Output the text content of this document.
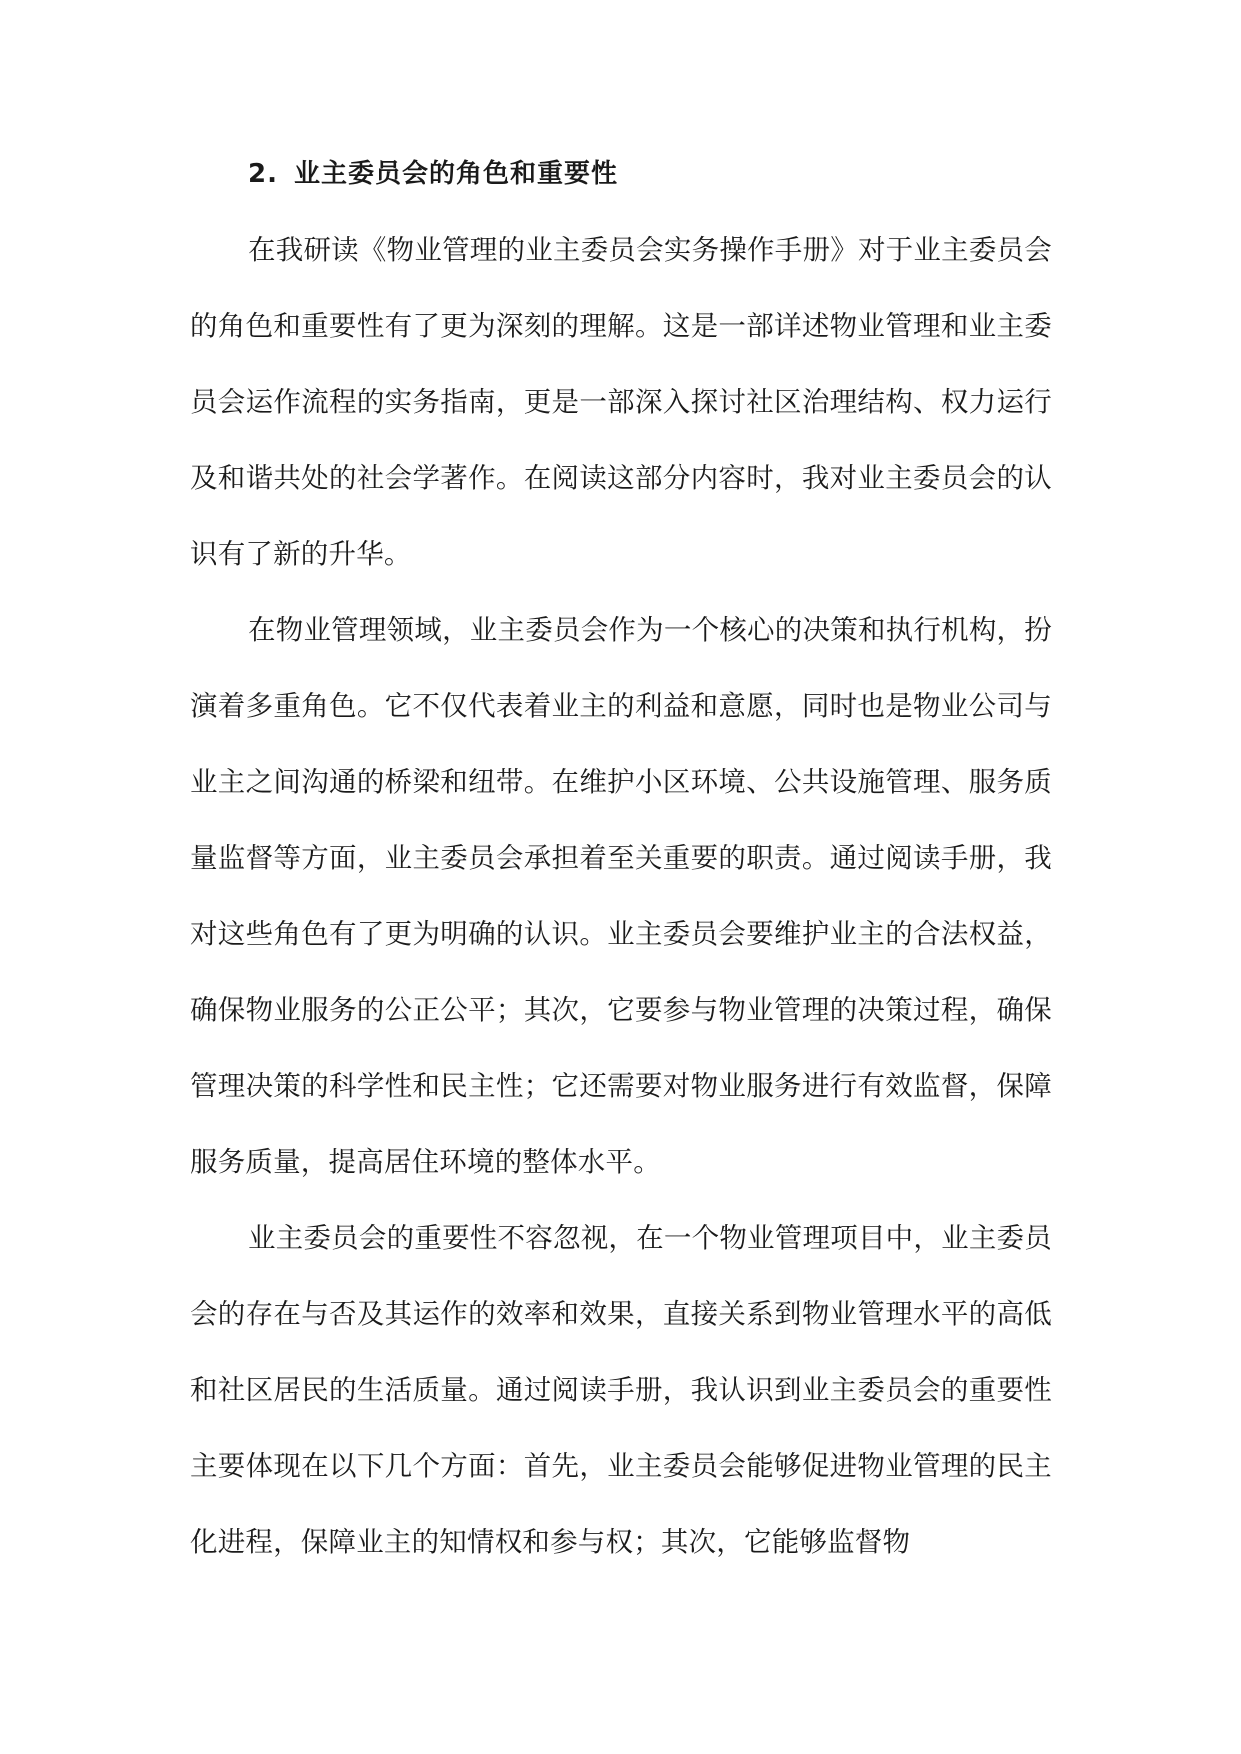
2. 业主委员会的角色和重要性

在我研读《物业管理的业主委员会实务操作手册》对于业主委员会的角色和重要性有了更为深刻的理解。这是一部详述物业管理和业主委员会运作流程的实务指南，更是一部深入探讨社区治理结构、权力运行及和谐共处的社会学著作。在阅读这部分内容时，我对业主委员会的认识有了新的升华。

在物业管理领域，业主委员会作为一个核心的决策和执行机构，扮演着多重角色。它不仅代表着业主的利益和意愿，同时也是物业公司与业主之间沟通的桥梁和纽带。在维护小区环境、公共设施管理、服务质量监督等方面，业主委员会承担着至关重要的职责。通过阅读手册，我对这些角色有了更为明确的认识。业主委员会要维护业主的合法权益，确保物业服务的公正公平；其次，它要参与物业管理的决策过程，确保管理决策的科学性和民主性；它还需要对物业服务进行有效监督，保障服务质量，提高居住环境的整体水平。

业主委员会的重要性不容忽视，在一个物业管理项目中，业主委员会的存在与否及其运作的效率和效果，直接关系到物业管理水平的高低和社区居民的生活质量。通过阅读手册，我认识到业主委员会的重要性主要体现在以下几个方面：首先，业主委员会能够促进物业管理的民主化进程，保障业主的知情权和参与权；其次，它能够监督物
